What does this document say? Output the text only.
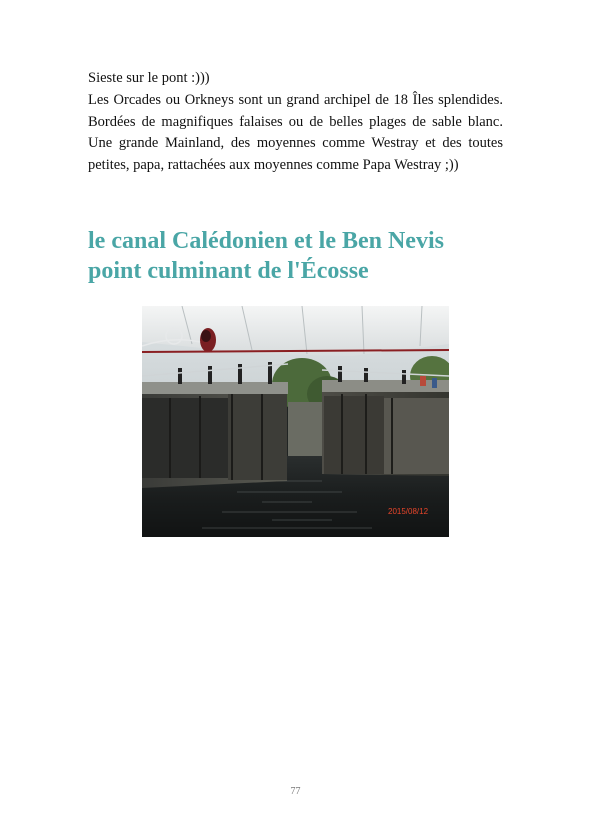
Sieste sur le pont :)))

Les Orcades ou Orkneys sont un grand archipel de 18 Îles splendides. Bordées de magnifiques falaises ou de belles plages de sable blanc. Une grande Mainland, des moyennes comme Westray et des toutes petites, papa, rattachées aux moyennes comme Papa Westray ;))

le canal Calédonien et le Ben Nevis
point culminant de l'Écosse
2015/08/12
77
